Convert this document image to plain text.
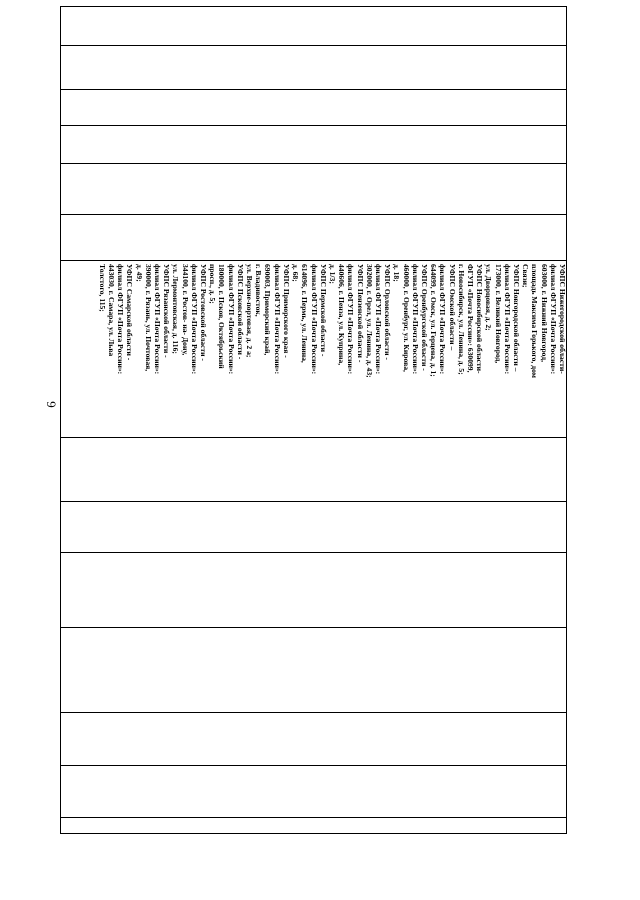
6
УФПС Нижегородской области-
филиал ФГУП «Почта России»:
603000, г. Нижний Новгород,
площадь Максима Горького, дом
Связи;
УФПС Новгородской области –
филиал ФГУП «Почта России»:
173000, г. Великий Новгород,
ул. Дворцовая, д. 2;
УФПС Новосибирской области-
ФГУП «Почта России»: 630099,
г. Новосибирск, ул. Ленина, д. 5;
УФПС Омской области –
филиал ФГУП «Почта России»:
644099, г. Омск, ул. Герцена, д. 1;
УФПС Оренбургской области -
филиал ФГУП «Почта России»:
460000, г. Оренбург, ул. Кирова,
д. 18;
УФПС Орловской области -
филиал ФГУП «Почта России»:
302000, г. Орел, ул. Ленина, д. 43;
УФПС Пензенской области -
филиал ФГУП «Почта России»:
440606, г. Пенза, ул. Куприна,
д. 1/3;
УФПС Пермской области -
филиал ФГУП «Почта России»:
614096, г. Пермь, ул. Ленина,
д. 68;
УФПС Приморского края -
филиал ФГУП «Почта России»:
690003, Приморский край,
г. Владивосток,
ул. Верхне-портовая, д. 2 а;
УФПС Псковской области -
филиал ФГУП «Почта России»:
180000, г. Псков, Октябрьский
просп., д. 5;
УФПС Ростовской области -
филиал ФГУП «Почта России»:
344100, г. Ростов- на- Дону,
ул. Лермонтовская, д. 116;
УФПС Рязанской области -
филиал ФГУП «Почта России»:
390000, г. Рязань, ул. Почтовая,
д. 49;
УФПС Самарской области -
филиал ФГУП «Почта России»:
443030, г. Самара, ул. Льва
Толстого, 115;
